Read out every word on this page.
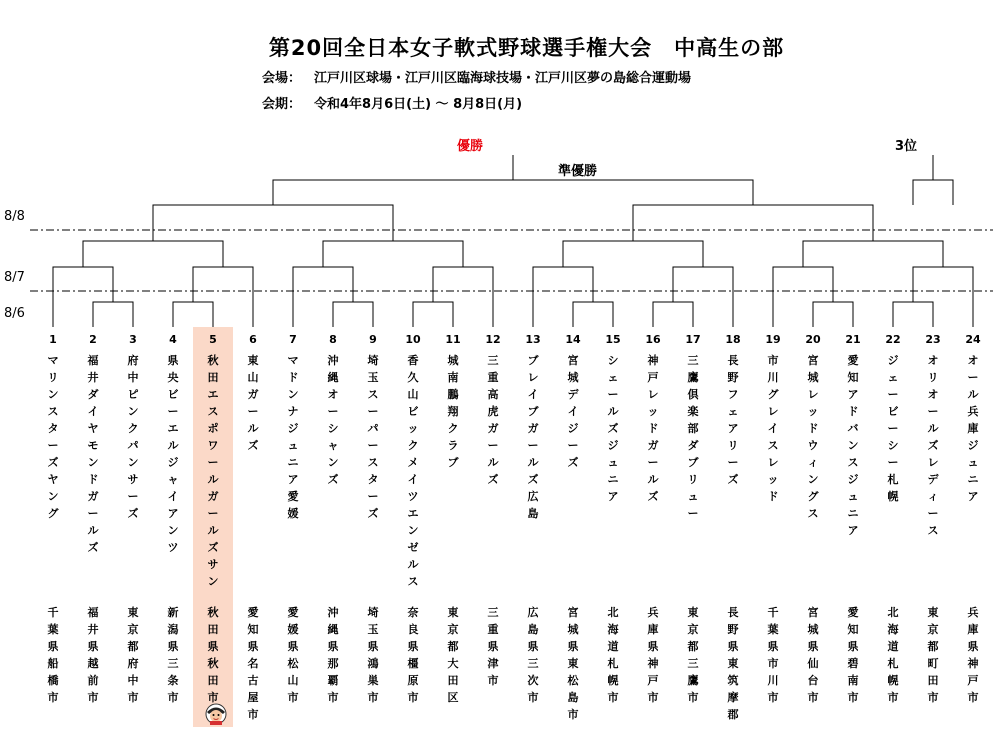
第20回全日本女子軟式野球選手権大会　中高生の部
会場： 江戸川区球場・江戸川区臨海球技場・江戸川区夢の島総合運動場
会期： 令和4年8月6日(土) 〜 8月8日(月)
優勝
準優勝
3位
8/8
8/7
8/6
1
マリンスターズヤング
千葉県船橋市
2
福井ダイヤモンドガールズ
福井県越前市
3
府中ピンクパンサーズ
東京都府中市
4
県央ビーエルジャイアンツ
新潟県三条市
5
秋田エスポワールガールズサン
秋田県秋田市
6
東山ガールズ
愛知県名古屋市
7
マドンナジュニア愛媛
愛媛県松山市
8
沖縄オーシャンズ
沖縄県那覇市
9
埼玉スーパースターズ
埼玉県鴻巣市
10
香久山ビックメイツエンゼルス
奈良県橿原市
11
城南鵬翔クラブ
東京都大田区
12
三重高虎ガールズ
三重県津市
13
ブレイブガールズ広島
広島県三次市
14
宮城デイジーズ
宮城県東松島市
15
シェールズジュニア
北海道札幌市
16
神戸レッドガールズ
兵庫県神戸市
17
三鷹倶楽部ダブリュー
東京都三鷹市
18
長野フェアリーズ
長野県東筑摩郡
19
市川グレイスレッド
千葉県市川市
20
宮城レッドウィングス
宮城県仙台市
21
愛知アドバンスジュニア
愛知県碧南市
22
ジェービーシー札幌
北海道札幌市
23
オリオールズレディース
東京都町田市
24
オール兵庫ジュニア
兵庫県神戸市
